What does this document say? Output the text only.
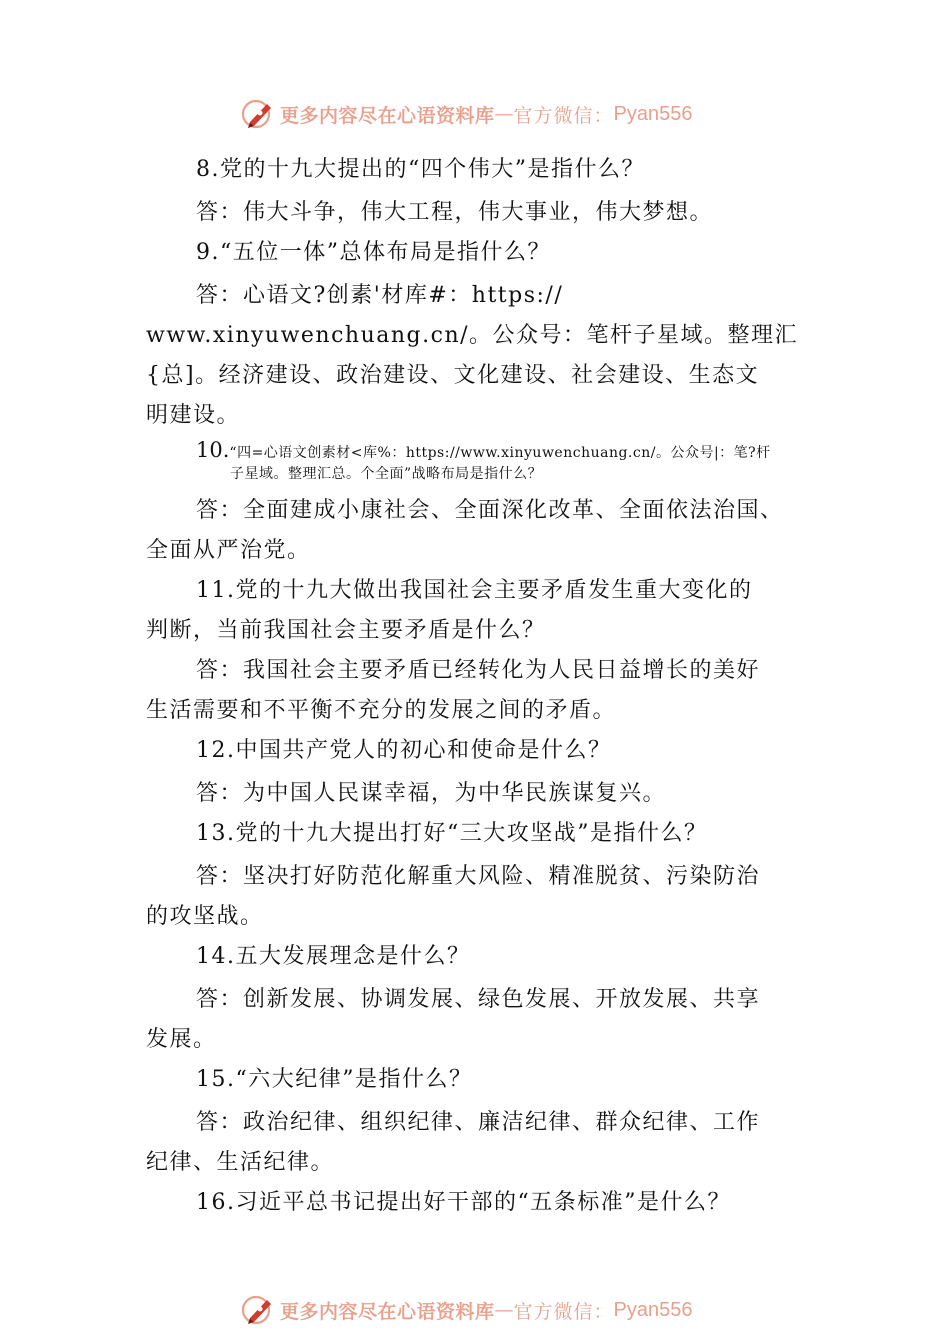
更多内容尽在心语资料库 — 官方微信： Pyan556

8.党的十九大提出的“四个伟大”是指什么？

答：伟大斗争，伟大工程，伟大事业，伟大梦想。

9.“五位一体”总体布局是指什么？

答：心语文?创素'材库#：https://

www.xinyuwenchuang.cn/。公众号：笔杆子星域。整理汇

{总]。经济建设、政治建设、文化建设、社会建设、生态文

明建设。

10.“四=心语文创素材<库%：https://www.xinyuwenchuang.cn/。公众号|：笔?杆
子星域。整理汇总。个全面”战略布局是指什么？

答：全面建成小康社会、全面深化改革、全面依法治国、

全面从严治党。

11.党的十九大做出我国社会主要矛盾发生重大变化的

判断，当前我国社会主要矛盾是什么？

答：我国社会主要矛盾已经转化为人民日益增长的美好

生活需要和不平衡不充分的发展之间的矛盾。

12.中国共产党人的初心和使命是什么？

答：为中国人民谋幸福，为中华民族谋复兴。

13.党的十九大提出打好“三大攻坚战”是指什么？

答：坚决打好防范化解重大风险、精准脱贫、污染防治

的攻坚战。

14.五大发展理念是什么？

答：创新发展、协调发展、绿色发展、开放发展、共享

发展。

15.“六大纪律”是指什么？

答：政治纪律、组织纪律、廉洁纪律、群众纪律、工作

纪律、生活纪律。

16.习近平总书记提出好干部的“五条标准”是什么？

更多内容尽在心语资料库 — 官方微信： Pyan556
